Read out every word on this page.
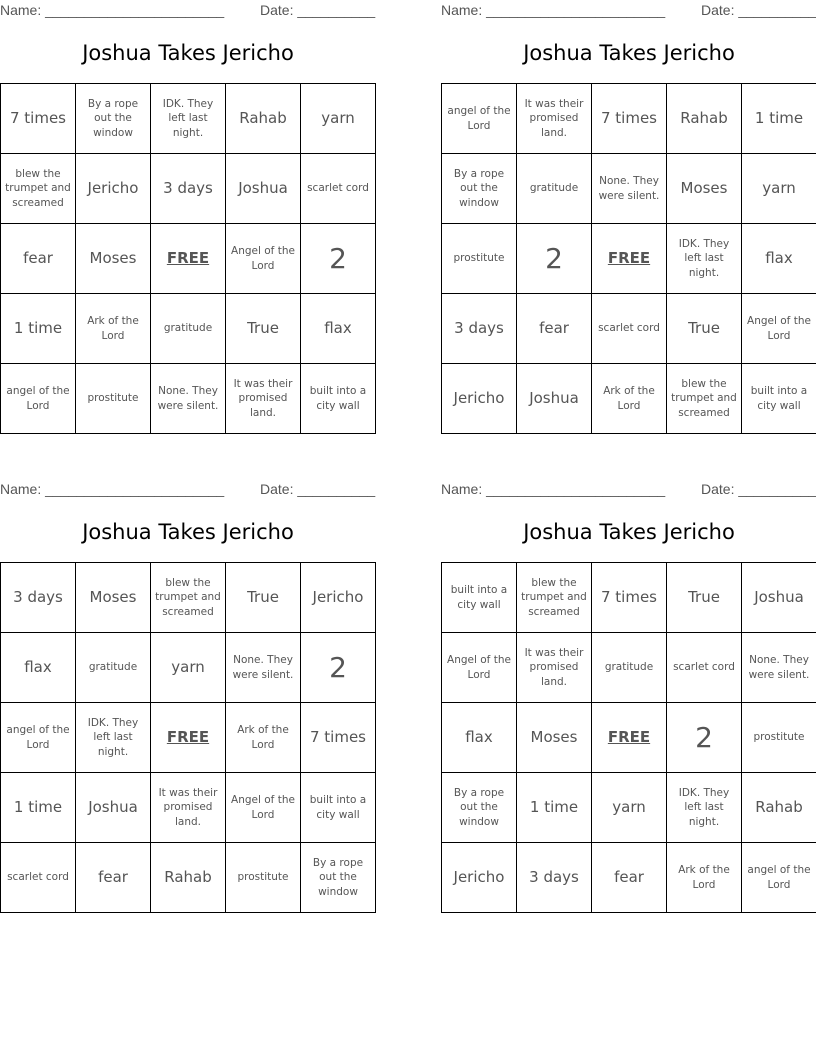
Name: _______________________	Date: __________
Joshua Takes Jericho
7 times	By a rope out the window	IDK. They left last night.	Rahab	yarn
blew the trumpet and screamed	Jericho	3 days	Joshua	scarlet cord
fear	Moses	FREE	Angel of the Lord	2
1 time	Ark of the Lord	gratitude	True	flax
angel of the Lord	prostitute	None. They were silent.	It was their promised land.	built into a city wall
Name: _______________________	Date: __________
Joshua Takes Jericho
angel of the Lord	It was their promised land.	7 times	Rahab	1 time
By a rope out the window	gratitude	None. They were silent.	Moses	yarn
prostitute	2	FREE	IDK. They left last night.	flax
3 days	fear	scarlet cord	True	Angel of the Lord
Jericho	Joshua	Ark of the Lord	blew the trumpet and screamed	built into a city wall
Name: _______________________	Date: __________
Joshua Takes Jericho
3 days	Moses	blew the trumpet and screamed	True	Jericho
flax	gratitude	yarn	None. They were silent.	2
angel of the Lord	IDK. They left last night.	FREE	Ark of the Lord	7 times
1 time	Joshua	It was their promised land.	Angel of the Lord	built into a city wall
scarlet cord	fear	Rahab	prostitute	By a rope out the window
Name: _______________________	Date: __________
Joshua Takes Jericho
built into a city wall	blew the trumpet and screamed	7 times	True	Joshua
Angel of the Lord	It was their promised land.	gratitude	scarlet cord	None. They were silent.
flax	Moses	FREE	2	prostitute
By a rope out the window	1 time	yarn	IDK. They left last night.	Rahab
Jericho	3 days	fear	Ark of the Lord	angel of the Lord
